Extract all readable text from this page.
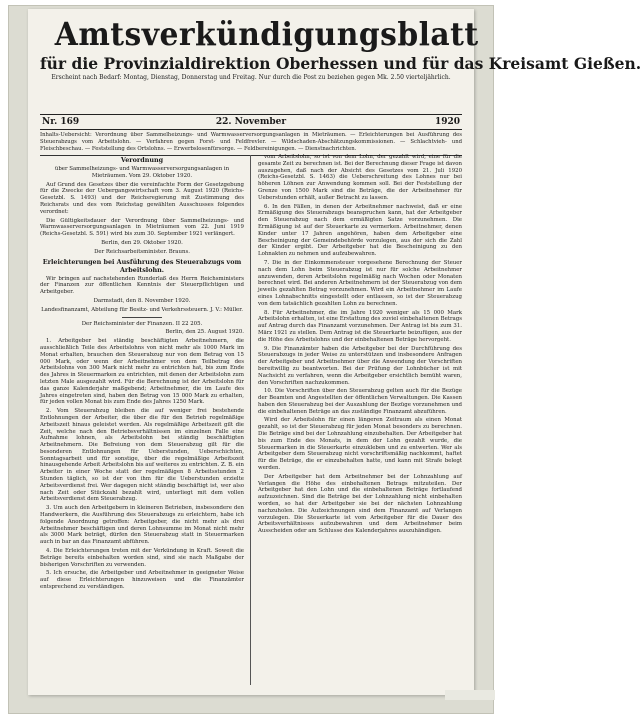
Amtsverkündigungsblatt
für die Provinzialdirektion Oberhessen und für das Kreisamt Gießen.
Erscheint nach Bedarf: Montag, Dienstag, Donnerstag und Freitag. Nur durch die Post zu beziehen gegen Mk. 2.50 vierteljährlich.
Nr. 169	22. November	1920
Inhalts-Uebersicht: Verordnung über Sammelheizungs- und Warmwasserversorgungsanlagen in Mieträumen. — Erleichterungen bei Ausführung des Steuerabzugs vom Arbeitslohn. — Verfahren gegen Forst- und Feldfrevler. — Wildschaden-Abschätzungskommissionen. — Schlachtvieh- und Fleischbeschau. — Feststellung des Ortslohns. — Erwerbslosenfürsorge. — Feldbereinigungen. — Dienstnachrichten.

Verordnung

über Sammelheizungs- und Warmwasserversorgungsanlagen in Mieträumen. Vom 29. Oktober 1920.

Auf Grund des Gesetzes über die vereinfachte Form der Gesetzgebung für die Zwecke der Uebergangswirtschaft vom 3. August 1920 (Reichs-Gesetzbl. S. 1493) und der Reichsregierung mit Zustimmung des Reichsrats und des vom Reichstag gewählten Ausschusses folgendes verordnet:

Die Gültigkeitsdauer der Verordnung über Sammelheizungs- und Warmwasserversorgungsanlagen in Mieträumen vom 22. Juni 1919 (Reichs-Gesetzbl. S. 591) wird bis zum 30. September 1921 verlängert.

Berlin, den 29. Oktober 1920.

Der Reichsarbeitsminister. Brauns.

Erleichterungen bei Ausführung des Steuerabzugs vom Arbeitslohn.

Wir bringen auf nachstehenden Runderlaß des Herrn Reichsministers der Finanzen zur öffentlichen Kenntnis der Steuerpflichtigen und Arbeitgeber.

Darmstadt, den 8. November 1920.

Landesfinanzamt, Abteilung für Besitz- und Verkehrssteuern. J. V.: Müller.

Der Reichsminister der Finanzen. II 22 205.

Berlin, den 25. August 1920.

1. Arbeitgeber bei ständig beschäftigten Arbeitnehmern, die ausschließlich Teile des Arbeitslohns von nicht mehr als 1000 Mark im Monat erhalten, brauchen den Steuerabzug nur von dem Betrag von 15 000 Mark, oder wenn der Arbeitnehmer von dem Teilbetrag des Arbeitslohns von 300 Mark nicht mehr zu entrichten hat, bis zum Ende des Jahres in Steuermarken zu entrichten, mit denen der Arbeitslohn zum letzten Male ausgezahlt wird. Für die Berechnung ist der Arbeitslohn für das ganze Kalenderjahr maßgebend; Arbeitnehmer, die im Laufe des Jahres eingetreten sind, haben den Betrag von 15 000 Mark zu erhalten, für jeden vollen Monat bis zum Ende des Jahres 1250 Mark.

2. Vom Steuerabzug bleiben die auf weniger frei bestehende Entlohnungen der Arbeiter, die über die für den Betrieb regelmäßige Arbeitszeit hinaus geleistet werden. Als regelmäßige Arbeitszeit gilt die Zeit, welche nach den Betriebsverhältnissen im einzelnen Falle eine Aufnahme lohnen, als Arbeitslohn bei ständig beschäftigten Arbeitnehmern. Die Befreiung von dem Steuerabzug gilt für die besonderen Entlohnungen für Ueberstunden, Ueberschichten, Sonntagsarbeit und für sonstige, über die regelmäßige Arbeitszeit hinausgehende Arbeit Arbeitslohn bis auf weiteres zu entrichten. Z. B. ein Arbeiter in einer Woche statt der regelmäßigen 8 Arbeitsstunden 2 Stunden täglich, so ist der von ihm für die Ueberstunden erzielte Arbeitsverdienst frei. Wer dagegen nicht ständig beschäftigt ist, wer also nach Zeit oder Stückzahl bezahlt wird, unterliegt mit dem vollen Arbeitsverdienst dem Steuerabzug.

3. Um auch den Arbeitgebern in kleineren Betrieben, insbesondere den Handwerkern, die Ausführung des Steuerabzugs zu erleichtern, habe ich folgende Anordnung getroffen: Arbeitgeber, die nicht mehr als drei Arbeitnehmer beschäftigen und deren Lohnsumme im Monat nicht mehr als 3000 Mark beträgt, dürfen den Steuerabzug statt in Steuermarken auch in bar an das Finanzamt abführen.

4. Die Erleichterungen treten mit der Verkündung in Kraft. Soweit die Beträge bereits einbehalten worden sind, sind sie nach Maßgabe der bisherigen Vorschriften zu verwenden.

5. Ich ersuche, die Arbeitgeber und Arbeitnehmer in geeigneter Weise auf diese Erleichterungen hinzuweisen und die Finanzämter entsprechend zu verständigen.

vom Arbeitslohn, so ist von dem Lohn, der gezahlt wird, eine für die gesamte Zeit zu berechnen ist. Bei der Berechnung dieser Frage ist davon auszugehen, daß nach der Absicht des Gesetzes vom 21. Juli 1920 (Reichs-Gesetzbl. S. 1463) die Ueberschreitung des Lohnes nur bei höheren Löhnen zur Anwendung kommen soll. Bei der Feststellung der Grenze von 1500 Mark sind die Beträge, die der Arbeitnehmer für Ueberstunden erhält, außer Betracht zu lassen.

6. In den Fällen, in denen der Arbeitnehmer nachweist, daß er eine Ermäßigung des Steuerabzugs beanspruchen kann, hat der Arbeitgeber den Steuerabzug nach dem ermäßigten Satze vorzunehmen. Die Ermäßigung ist auf der Steuerkarte zu vermerken. Arbeitnehmer, denen Kinder unter 17 Jahren angehören, haben dem Arbeitgeber eine Bescheinigung der Gemeindebehörde vorzulegen, aus der sich die Zahl der Kinder ergibt. Der Arbeitgeber hat die Bescheinigung zu den Lohnakten zu nehmen und aufzubewahren.

7. Die in der Einkommensteuer vorgesehene Berechnung der Steuer nach dem Lohn beim Steuerabzug ist nur für solche Arbeitnehmer anzuwenden, deren Arbeitslohn regelmäßig nach Wochen oder Monaten berechnet wird. Bei anderen Arbeitnehmern ist der Steuerabzug von dem jeweils gezahlten Betrag vorzunehmen. Wird ein Arbeitnehmer im Laufe eines Lohnabschnitts eingestellt oder entlassen, so ist der Steuerabzug von dem tatsächlich gezahlten Lohn zu berechnen.

8. Für Arbeitnehmer, die im Jahre 1920 weniger als 15 000 Mark Arbeitslohn erhalten, ist eine Erstattung des zuviel einbehaltenen Betrags auf Antrag durch das Finanzamt vorzunehmen. Der Antrag ist bis zum 31. März 1921 zu stellen. Dem Antrag ist die Steuerkarte beizufügen, aus der die Höhe des Arbeitslohns und der einbehaltenen Beträge hervorgeht.

9. Die Finanzämter haben die Arbeitgeber bei der Durchführung des Steuerabzugs in jeder Weise zu unterstützen und insbesondere Anfragen der Arbeitgeber und Arbeitnehmer über die Anwendung der Vorschriften bereitwillig zu beantworten. Bei der Prüfung der Lohnbücher ist mit Nachsicht zu verfahren, wenn die Arbeitgeber ersichtlich bemüht waren, den Vorschriften nachzukommen.

10. Die Vorschriften über den Steuerabzug gelten auch für die Bezüge der Beamten und Angestellten der öffentlichen Verwaltungen. Die Kassen haben den Steuerabzug bei der Auszahlung der Bezüge vorzunehmen und die einbehaltenen Beträge an das zuständige Finanzamt abzuführen.

Wird der Arbeitslohn für einen längeren Zeitraum als einen Monat gezahlt, so ist der Steuerabzug für jeden Monat besonders zu berechnen. Die Beträge sind bei der Lohnzahlung einzubehalten. Der Arbeitgeber hat bis zum Ende des Monats, in dem der Lohn gezahlt wurde, die Steuermarken in die Steuerkarte einzukleben und zu entwerten. Wer als Arbeitgeber dem Steuerabzug nicht vorschriftsmäßig nachkommt, haftet für die Beträge, die er einzubehalten hatte, und kann mit Strafe belegt werden.

Der Arbeitgeber hat dem Arbeitnehmer bei der Lohnzahlung auf Verlangen die Höhe des einbehaltenen Betrags mitzuteilen. Der Arbeitgeber hat den Lohn und die einbehaltenen Beträge fortlaufend aufzuzeichnen. Sind die Beträge bei der Lohnzahlung nicht einbehalten worden, so hat der Arbeitgeber sie bei der nächsten Lohnzahlung nachzuholen. Die Aufzeichnungen sind dem Finanzamt auf Verlangen vorzulegen. Die Steuerkarte ist vom Arbeitgeber für die Dauer des Arbeitsverhältnisses aufzubewahren und dem Arbeitnehmer beim Ausscheiden oder am Schlusse des Kalenderjahres auszuhändigen.
